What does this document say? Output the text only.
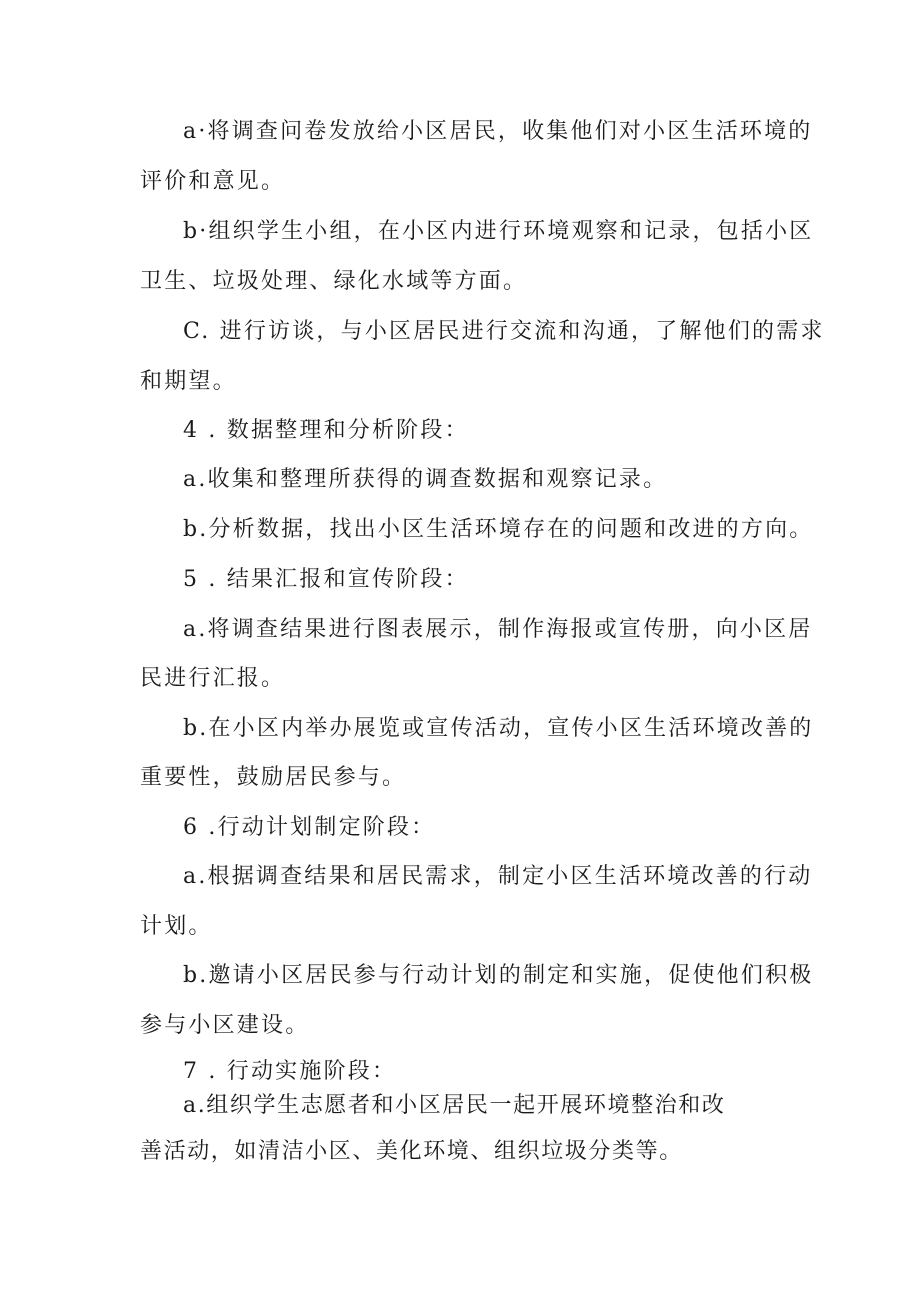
a·将调查问卷发放给小区居民，收集他们对小区生活环境的
评价和意见。
b·组织学生小组，在小区内进行环境观察和记录，包括小区
卫生、垃圾处理、绿化水域等方面。
C. 进行访谈，与小区居民进行交流和沟通，了解他们的需求
和期望。
4 . 数据整理和分析阶段：
a.收集和整理所获得的调查数据和观察记录。
b.分析数据，找出小区生活环境存在的问题和改进的方向。
5 . 结果汇报和宣传阶段：
a.将调查结果进行图表展示，制作海报或宣传册，向小区居
民进行汇报。
b.在小区内举办展览或宣传活动，宣传小区生活环境改善的
重要性，鼓励居民参与。
6 .行动计划制定阶段：
a.根据调查结果和居民需求，制定小区生活环境改善的行动
计划。
b.邀请小区居民参与行动计划的制定和实施，促使他们积极
参与小区建设。
7 . 行动实施阶段：
a.组织学生志愿者和小区居民一起开展环境整治和改
善活动，如清洁小区、美化环境、组织垃圾分类等。
